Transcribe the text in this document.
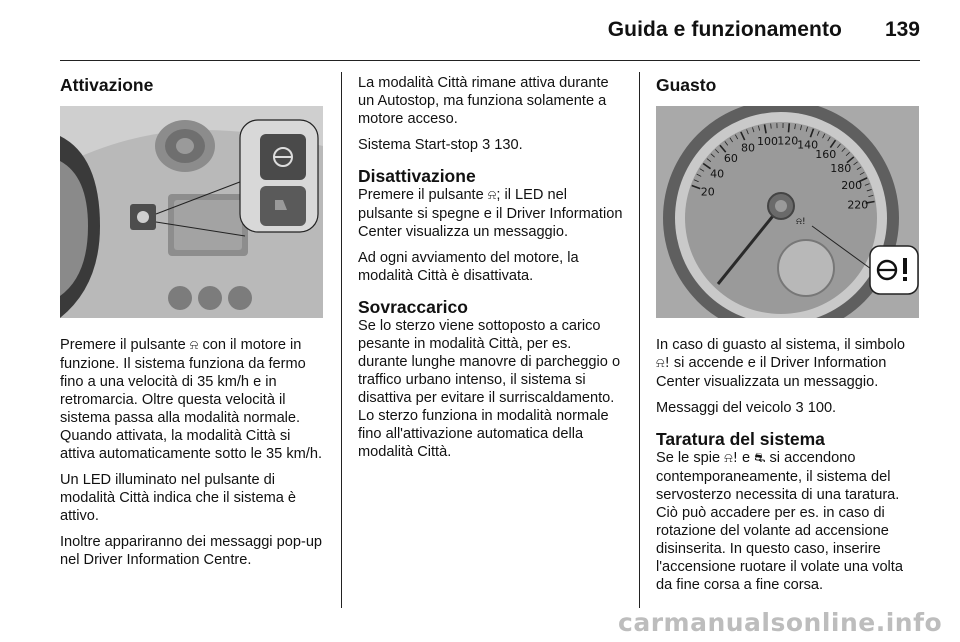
Guida e funzionamento	139
Attivazione

Premere il pulsante ⍾ con il motore in funzione. Il sistema funziona da fermo fino a una velocità di 35 km/h e in retromarcia. Oltre questa velocità il sistema passa alla modalità normale. Quando attivata, la modalità Città si attiva automaticamente sotto le 35 km/h.

Un LED illuminato nel pulsante di modalità Città indica che il sistema è attivo.

Inoltre appariranno dei messaggi pop-up nel Driver Information Centre.

La modalità Città rimane attiva durante un Autostop, ma funziona solamente a motore acceso.

Sistema Start-stop 3 130.

Disattivazione

Premere il pulsante ⍾; il LED nel pulsante si spegne e il Driver Information Center visualizza un messaggio.

Ad ogni avviamento del motore, la modalità Città è disattivata.

Sovraccarico

Se lo sterzo viene sottoposto a carico pesante in modalità Città, per es. durante lunghe manovre di parcheggio o traffico urbano intenso, il sistema si disattiva per evitare il surriscaldamento. Lo sterzo funziona in modalità normale fino all'attivazione automatica della modalità Città.

Guasto
20
40
60
80 100 120
140
160
180
200
220
⍾!

In caso di guasto al sistema, il simbolo ⍾! si accende e il Driver Information Center visualizzata un messaggio.

Messaggi del veicolo 3 100.

Taratura del sistema

Se le spie ⍾! e ⛐ si accendono contemporaneamente, il sistema del servosterzo necessita di una taratura. Ciò può accadere per es. in caso di rotazione del volante ad accensione disinserita. In questo caso, inserire l'accensione ruotare il volate una volta da fine corsa a fine corsa.

carmanualsonline.info
